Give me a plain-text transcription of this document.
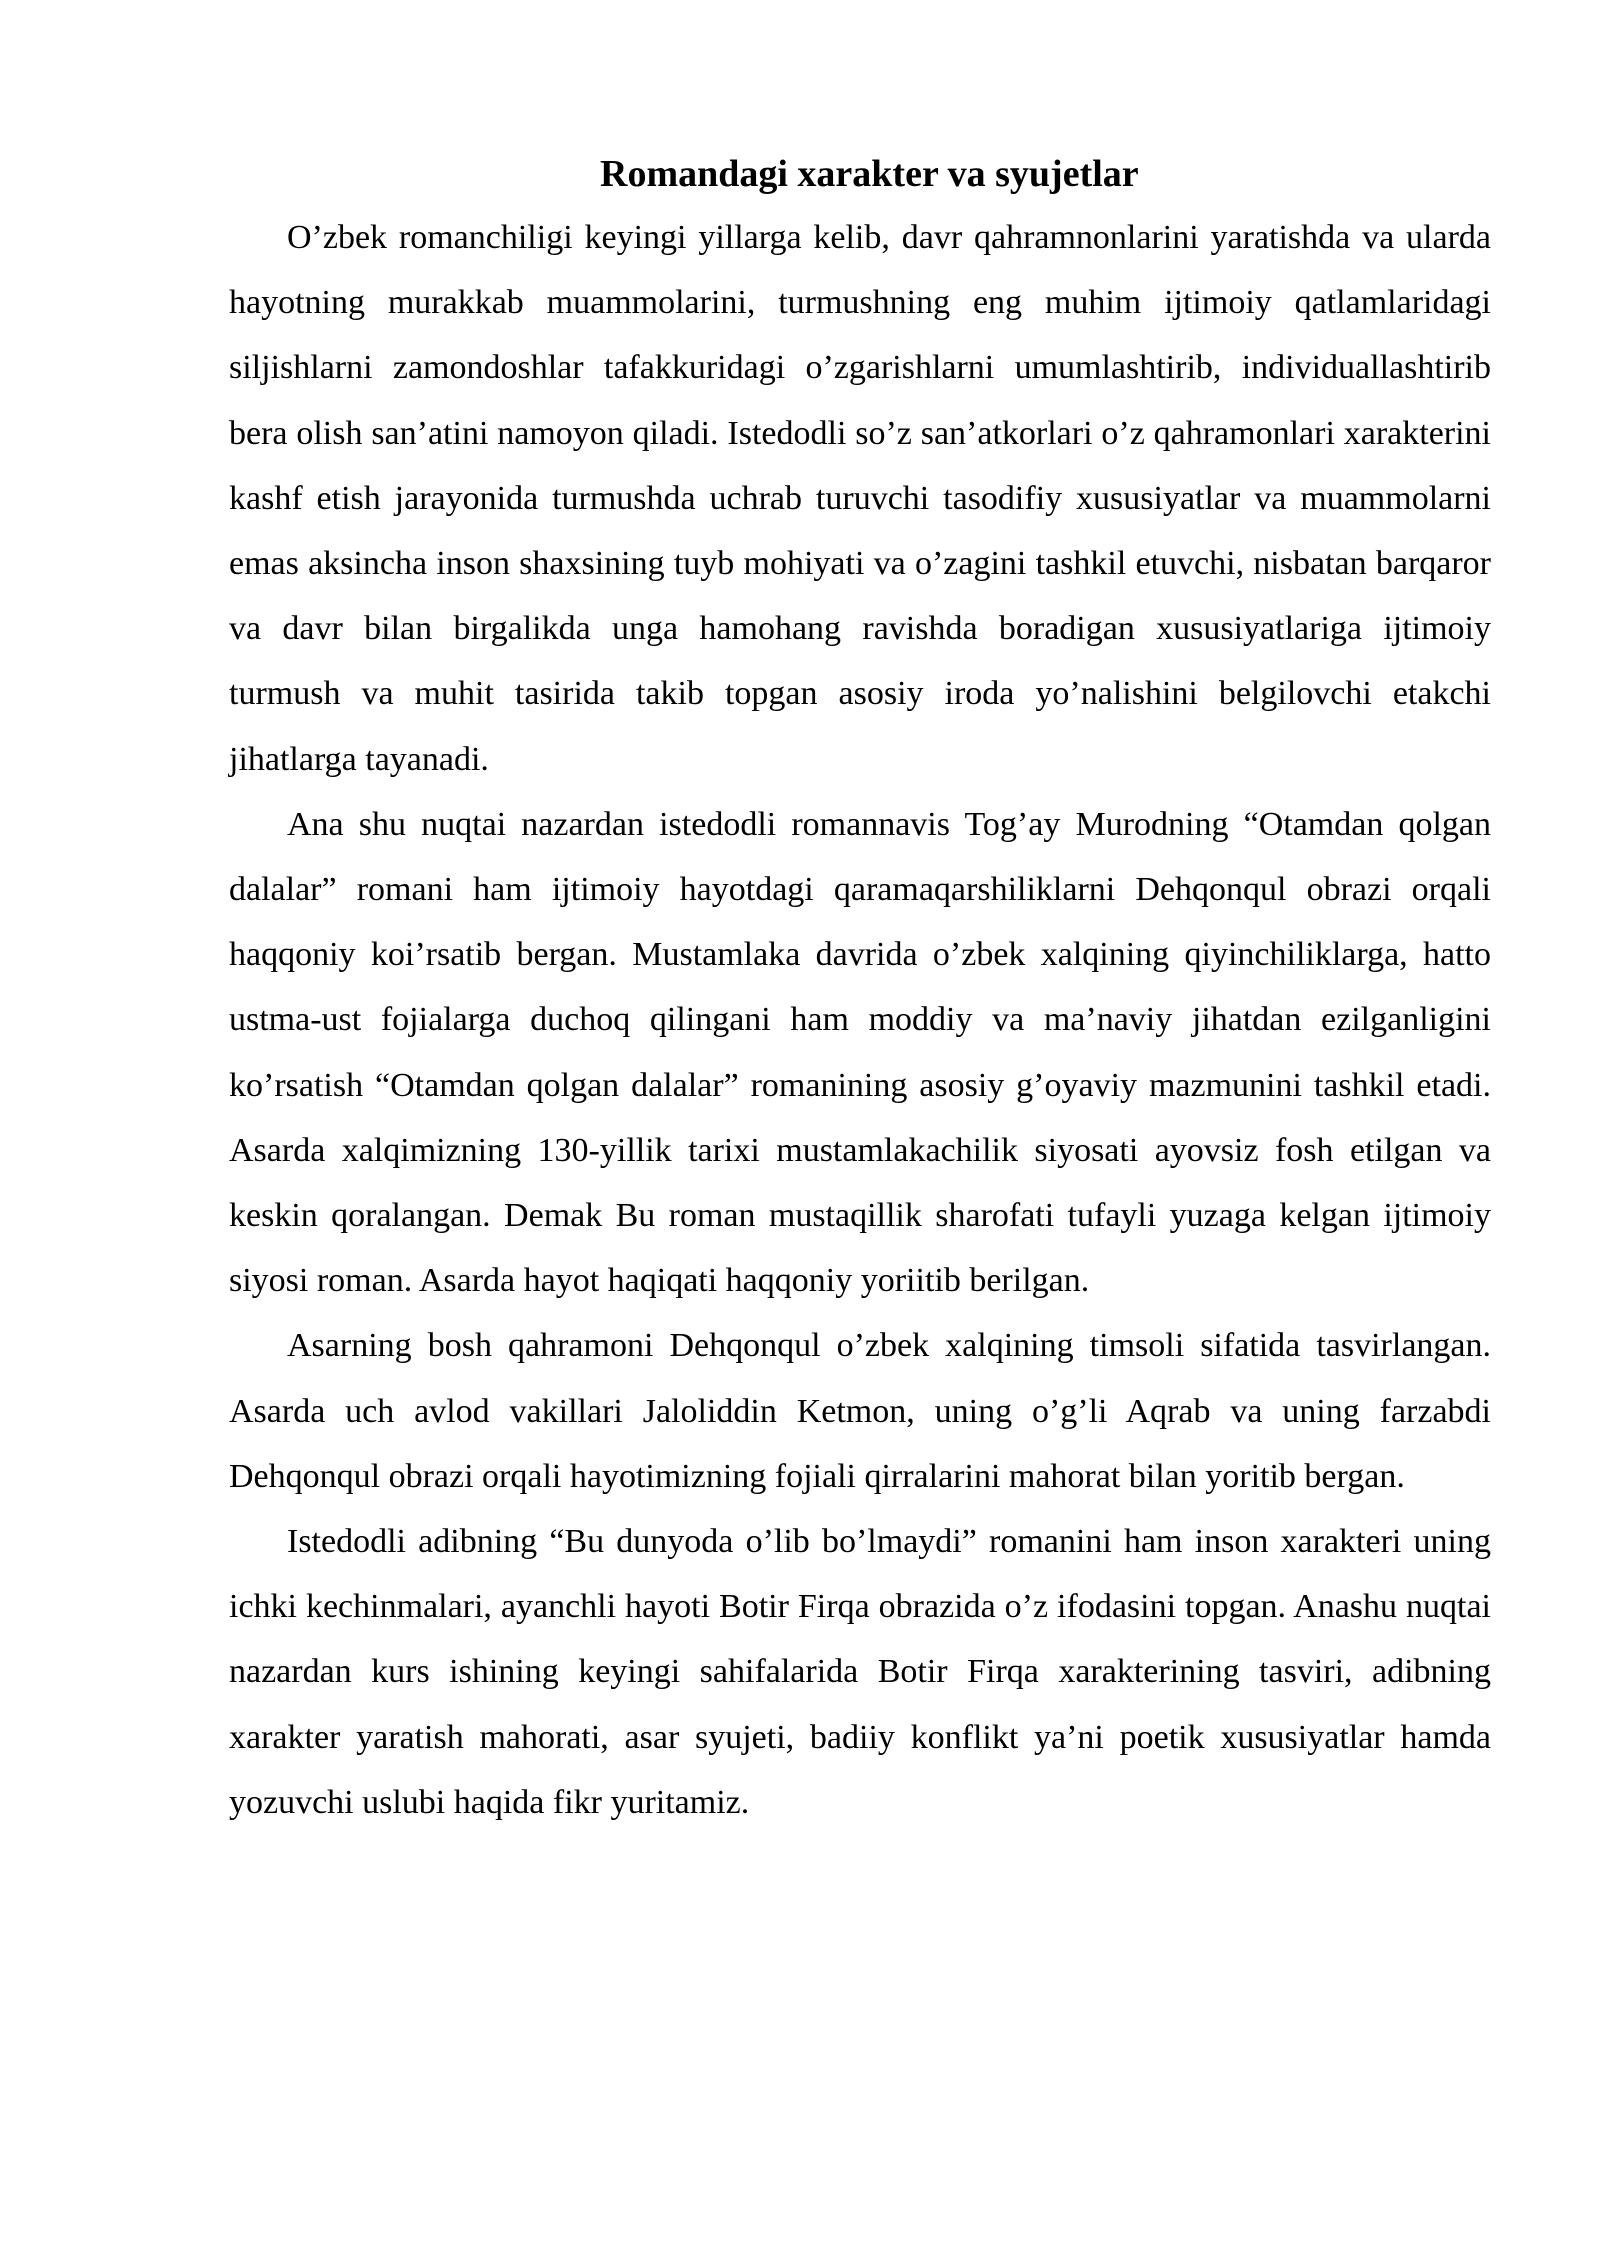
Romandagi xarakter va syujetlar

O’zbek romanchiligi keyingi yillarga kelib, davr qahramnonlarini yaratishda va ularda hayotning murakkab muammolarini, turmushning eng muhim ijtimoiy qatlamlaridagi siljishlarni zamondoshlar tafakkuridagi o’zgarishlarni umumlashtirib, individuallashtirib bera olish san’atini namoyon qiladi. Istedodli so’z san’atkorlari o’z qahramonlari xarakterini kashf etish jarayonida turmushda uchrab turuvchi tasodifiy xususiyatlar va muammolarni emas aksincha inson shaxsining tuyb mohiyati va o’zagini tashkil etuvchi, nisbatan barqaror va davr bilan birgalikda unga hamohang ravishda boradigan xususiyatlariga ijtimoiy turmush va muhit tasirida takib topgan asosiy iroda yo’nalishini belgilovchi etakchi jihatlarga tayanadi.

Ana shu nuqtai nazardan istedodli romannavis Tog’ay Murodning “Otamdan qolgan dalalar” romani ham ijtimoiy hayotdagi qaramaqarshiliklarni Dehqonqul obrazi orqali haqqoniy koi’rsatib bergan. Mustamlaka davrida o’zbek xalqining qiyinchiliklarga, hatto ustma-ust fojialarga duchoq qilingani ham moddiy va ma’naviy jihatdan ezilganligini ko’rsatish “Otamdan qolgan dalalar” romanining asosiy g’oyaviy mazmunini tashkil etadi. Asarda xalqimizning 130-yillik tarixi mustamlakachilik siyosati ayovsiz fosh etilgan va keskin qoralangan. Demak Bu roman mustaqillik sharofati tufayli yuzaga kelgan ijtimoiy siyosi roman. Asarda hayot haqiqati haqqoniy yoriitib berilgan.

Asarning bosh qahramoni Dehqonqul o’zbek xalqining timsoli sifatida tasvirlangan. Asarda uch avlod vakillari Jaloliddin Ketmon, uning o’g’li Aqrab va uning farzabdi Dehqonqul obrazi orqali hayotimizning fojiali qirralarini mahorat bilan yoritib bergan.

Istedodli adibning “Bu dunyoda o’lib bo’lmaydi” romanini ham inson xarakteri uning ichki kechinmalari, ayanchli hayoti Botir Firqa obrazida o’z ifodasini topgan. Anashu nuqtai nazardan kurs ishining keyingi sahifalarida Botir Firqa xarakterining tasviri, adibning xarakter yaratish mahorati, asar syujeti, badiiy konflikt ya’ni poetik xususiyatlar hamda yozuvchi uslubi haqida fikr yuritamiz.
